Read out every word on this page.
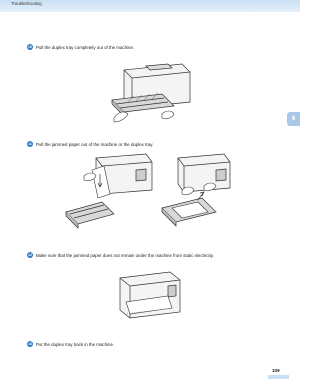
Troubleshooting
6
10 Pull the duplex tray completely out of the machine.
11 Pull the jammed paper out of the machine or the duplex tray.
12 Make sure that the jammed paper does not remain under the machine from static electricity.
13 Put the duplex tray back in the machine.
109
